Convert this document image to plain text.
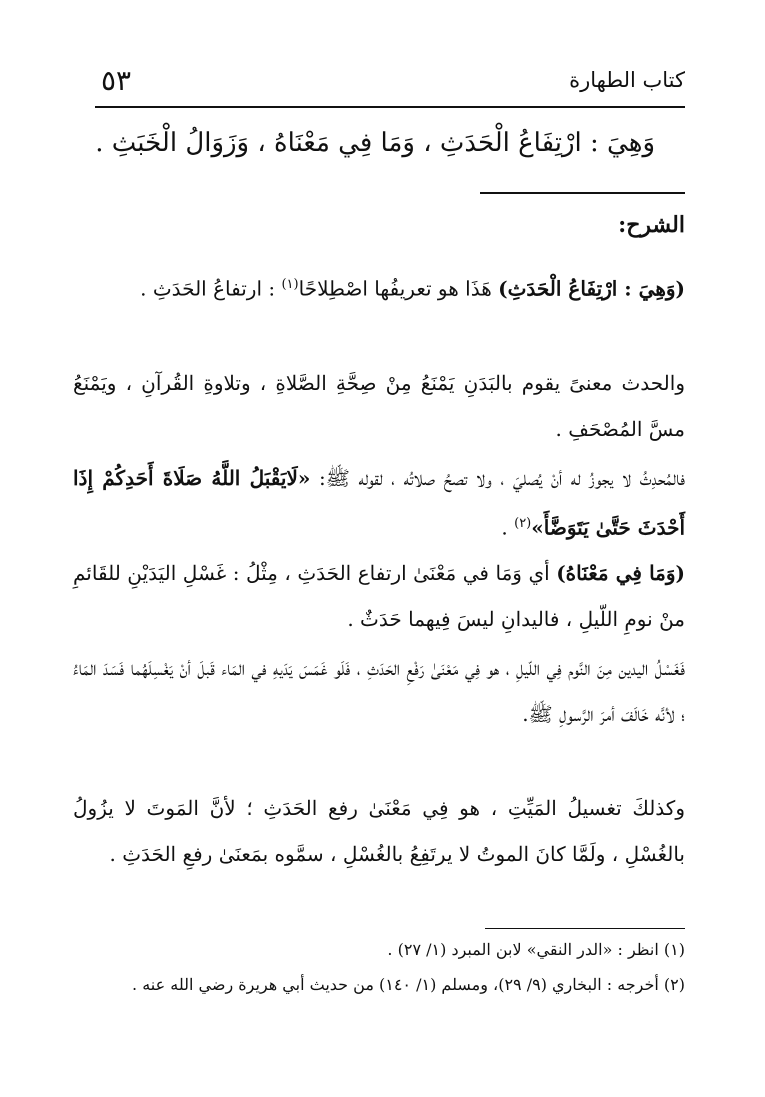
كتاب الطهارة
٥٣
وَهِيَ : ارْتِفَاعُ الْحَدَثِ ، وَمَا فِي مَعْنَاهُ ، وَزَوَالُ الْخَبَثِ .
الشرح:
(وَهِيَ : ارْتِفَاعُ الْحَدَثِ) هَذَا هو تعريفُها اصْطِلاحًا$^{(١)}$ : ارتفاعُ الحَدَثِ .
والحدث معنىً يقوم بالبَدَنِ يَمْنَعُ مِنْ صِحَّةِ الصَّلاةِ ، وتلاوةِ القُرآنِ ، ويَمْنَعُ مسَّ المُصْحَفِ .
فالمُحدِثُ لا يجوزُ له أنْ يُصليَ ، ولا تصحُ صلاتُه ، لقوله ﷺ: «لَايَقْبَلُ اللَّهُ صَلَاةَ أَحَدِكُمْ إِذَا أَحْدَثَ حَتَّىٰ يَتَوَضَّأَ»$^{(٢)}$ .
(وَمَا فِي مَعْنَاهُ) أي وَمَا في مَعْنَىٰ ارتفاع الحَدَثِ ، مِثْلُ : غَسْلِ اليَدَيْنِ للقَائمِ منْ نومِ اللّيلِ ، فاليدانِ ليسَ فِيهما حَدَثٌ .
فَغَسْلُ اليدين مِنَ النَّوم فِي اللّيلِ ، هو فِي مَعْنَىٰ رَفْعِ الحَدَثِ ، فَلَو غَمَسَ يَدَيهِ في المَاء قَبلَ أنْ يَغْسِلَهُما فَسَدَ المَاءُ ؛ لأنَّه خَالَفَ أمرَ الرَّسولِ ﷺ.
وكذلكَ تغسيلُ المَيِّتِ ، هو فِي مَعْنَىٰ رفع الحَدَثِ ؛ لأنَّ المَوتَ لا يزُولُ بالغُسْلِ ، ولَمَّا كانَ الموتُ لا يرتَفِعُ بالغُسْلِ ، سمَّوه بمَعنَىٰ رفعِ الحَدَثِ .
(١) انظر : «الدر النقي» لابن المبرد (١/ ٢٧) .
(٢) أخرجه : البخاري (٩/ ٢٩)، ومسلم (١/ ١٤٠) من حديث أبي هريرة رضي الله عنه .
